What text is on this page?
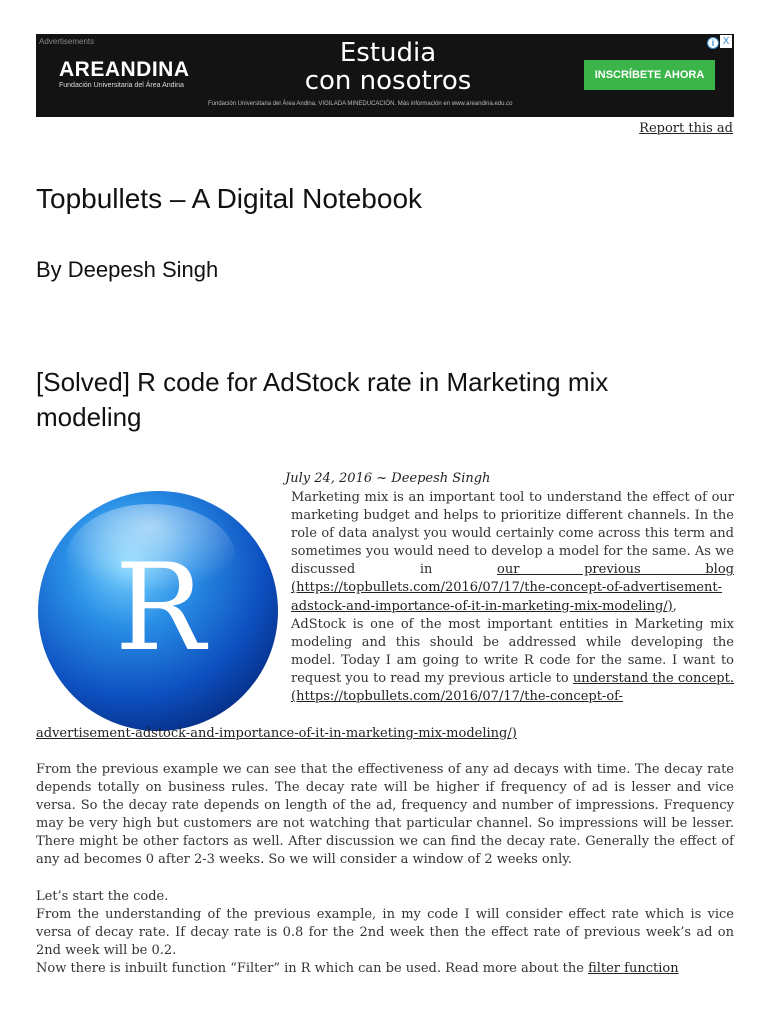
Advertisements
AREANDINA
Fundación Universitaria del Área Andina
Estudia
con nosotros	INSCRÍBETE AHORA
Fundación Universitaria del Área Andina, VIGILADA MINEDUCACIÓN. Más información en www.areandina.edu.co
i X
Report this ad
Topbullets – A Digital Notebook
By Deepesh Singh
[Solved] R code for AdStock rate in Marketing mix modeling
R
July 24, 2016 ~ Deepesh Singh
Marketing mix is an important tool to understand the effect of our marketing budget and helps to prioritize different channels. In the role of data analyst you would certainly come across this term and sometimes you would need to develop a model for the same. As we discussed in our previous blog (https://topbullets.com/2016/07/17/the-concept-of-advertisement-adstock-and-importance-of-it-in-marketing-mix-modeling/), AdStock is one of the most important entities in Marketing mix modeling and this should be addressed while developing the model. Today I am going to write R code for the same. I want to request you to read my previous article to understand the concept. (https://topbullets.com/2016/07/17/the-concept-of-
advertisement-adstock-and-importance-of-it-in-marketing-mix-modeling/)
From the previous example we can see that the effectiveness of any ad decays with time. The decay rate depends totally on business rules. The decay rate will be higher if frequency of ad is lesser and vice versa. So the decay rate depends on length of the ad, frequency and number of impressions. Frequency may be very high but customers are not watching that particular channel. So impressions will be lesser. There might be other factors as well. After discussion we can find the decay rate. Generally the effect of any ad becomes 0 after 2-3 weeks. So we will consider a window of 2 weeks only.
Let’s start the code.
From the understanding of the previous example, in my code I will consider effect rate which is vice versa of decay rate. If decay rate is 0.8 for the 2nd week then the effect rate of previous week’s ad on 2nd week will be 0.2.
Now there is inbuilt function “Filter” in R which can be used. Read more about the filter function
